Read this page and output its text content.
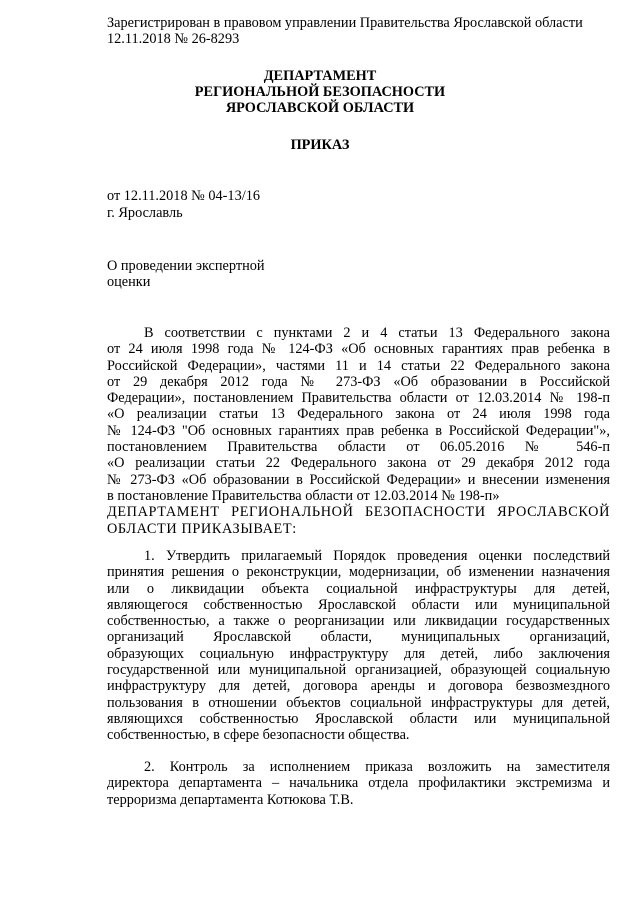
Зарегистрирован в правовом управлении Правительства Ярославской области
12.11.2018 № 26-8293
ДЕПАРТАМЕНТ
РЕГИОНАЛЬНОЙ БЕЗОПАСНОСТИ
ЯРОСЛАВСКОЙ ОБЛАСТИ
ПРИКАЗ
от 12.11.2018 № 04-13/16
г. Ярославль
О проведении экспертной
оценки
В соответствии с пунктами 2 и 4 статьи 13 Федерального закона
от 24 июля 1998 года № 124-ФЗ «Об основных гарантиях прав ребенка в
Российской Федерации», частями 11 и 14 статьи 22 Федерального закона
от 29 декабря 2012 года № 273-ФЗ «Об образовании в Российской
Федерации», постановлением Правительства области от 12.03.2014 № 198-п
«О реализации статьи 13 Федерального закона от 24 июля 1998 года
№ 124-ФЗ "Об основных гарантиях прав ребенка в Российской Федерации"»,
постановлением Правительства области от 06.05.2016 № 546-п
«О реализации статьи 22 Федерального закона от 29 декабря 2012 года
№ 273-ФЗ «Об образовании в Российской Федерации» и внесении изменения
в постановление Правительства области от 12.03.2014 № 198-п»
ДЕПАРТАМЕНТ РЕГИОНАЛЬНОЙ БЕЗОПАСНОСТИ ЯРОСЛАВСКОЙ
ОБЛАСТИ ПРИКАЗЫВАЕТ:
1. Утвердить прилагаемый Порядок проведения оценки последствий
принятия решения о реконструкции, модернизации, об изменении назначения
или о ликвидации объекта социальной инфраструктуры для детей,
являющегося собственностью Ярославской области или муниципальной
собственностью, а также о реорганизации или ликвидации государственных
организаций Ярославской области, муниципальных организаций,
образующих социальную инфраструктуру для детей, либо заключения
государственной или муниципальной организацией, образующей социальную
инфраструктуру для детей, договора аренды и договора безвозмездного
пользования в отношении объектов социальной инфраструктуры для детей,
являющихся собственностью Ярославской области или муниципальной
собственностью, в сфере безопасности общества.
2. Контроль за исполнением приказа возложить на заместителя
директора департамента – начальника отдела профилактики экстремизма и
терроризма департамента Котюкова Т.В.
